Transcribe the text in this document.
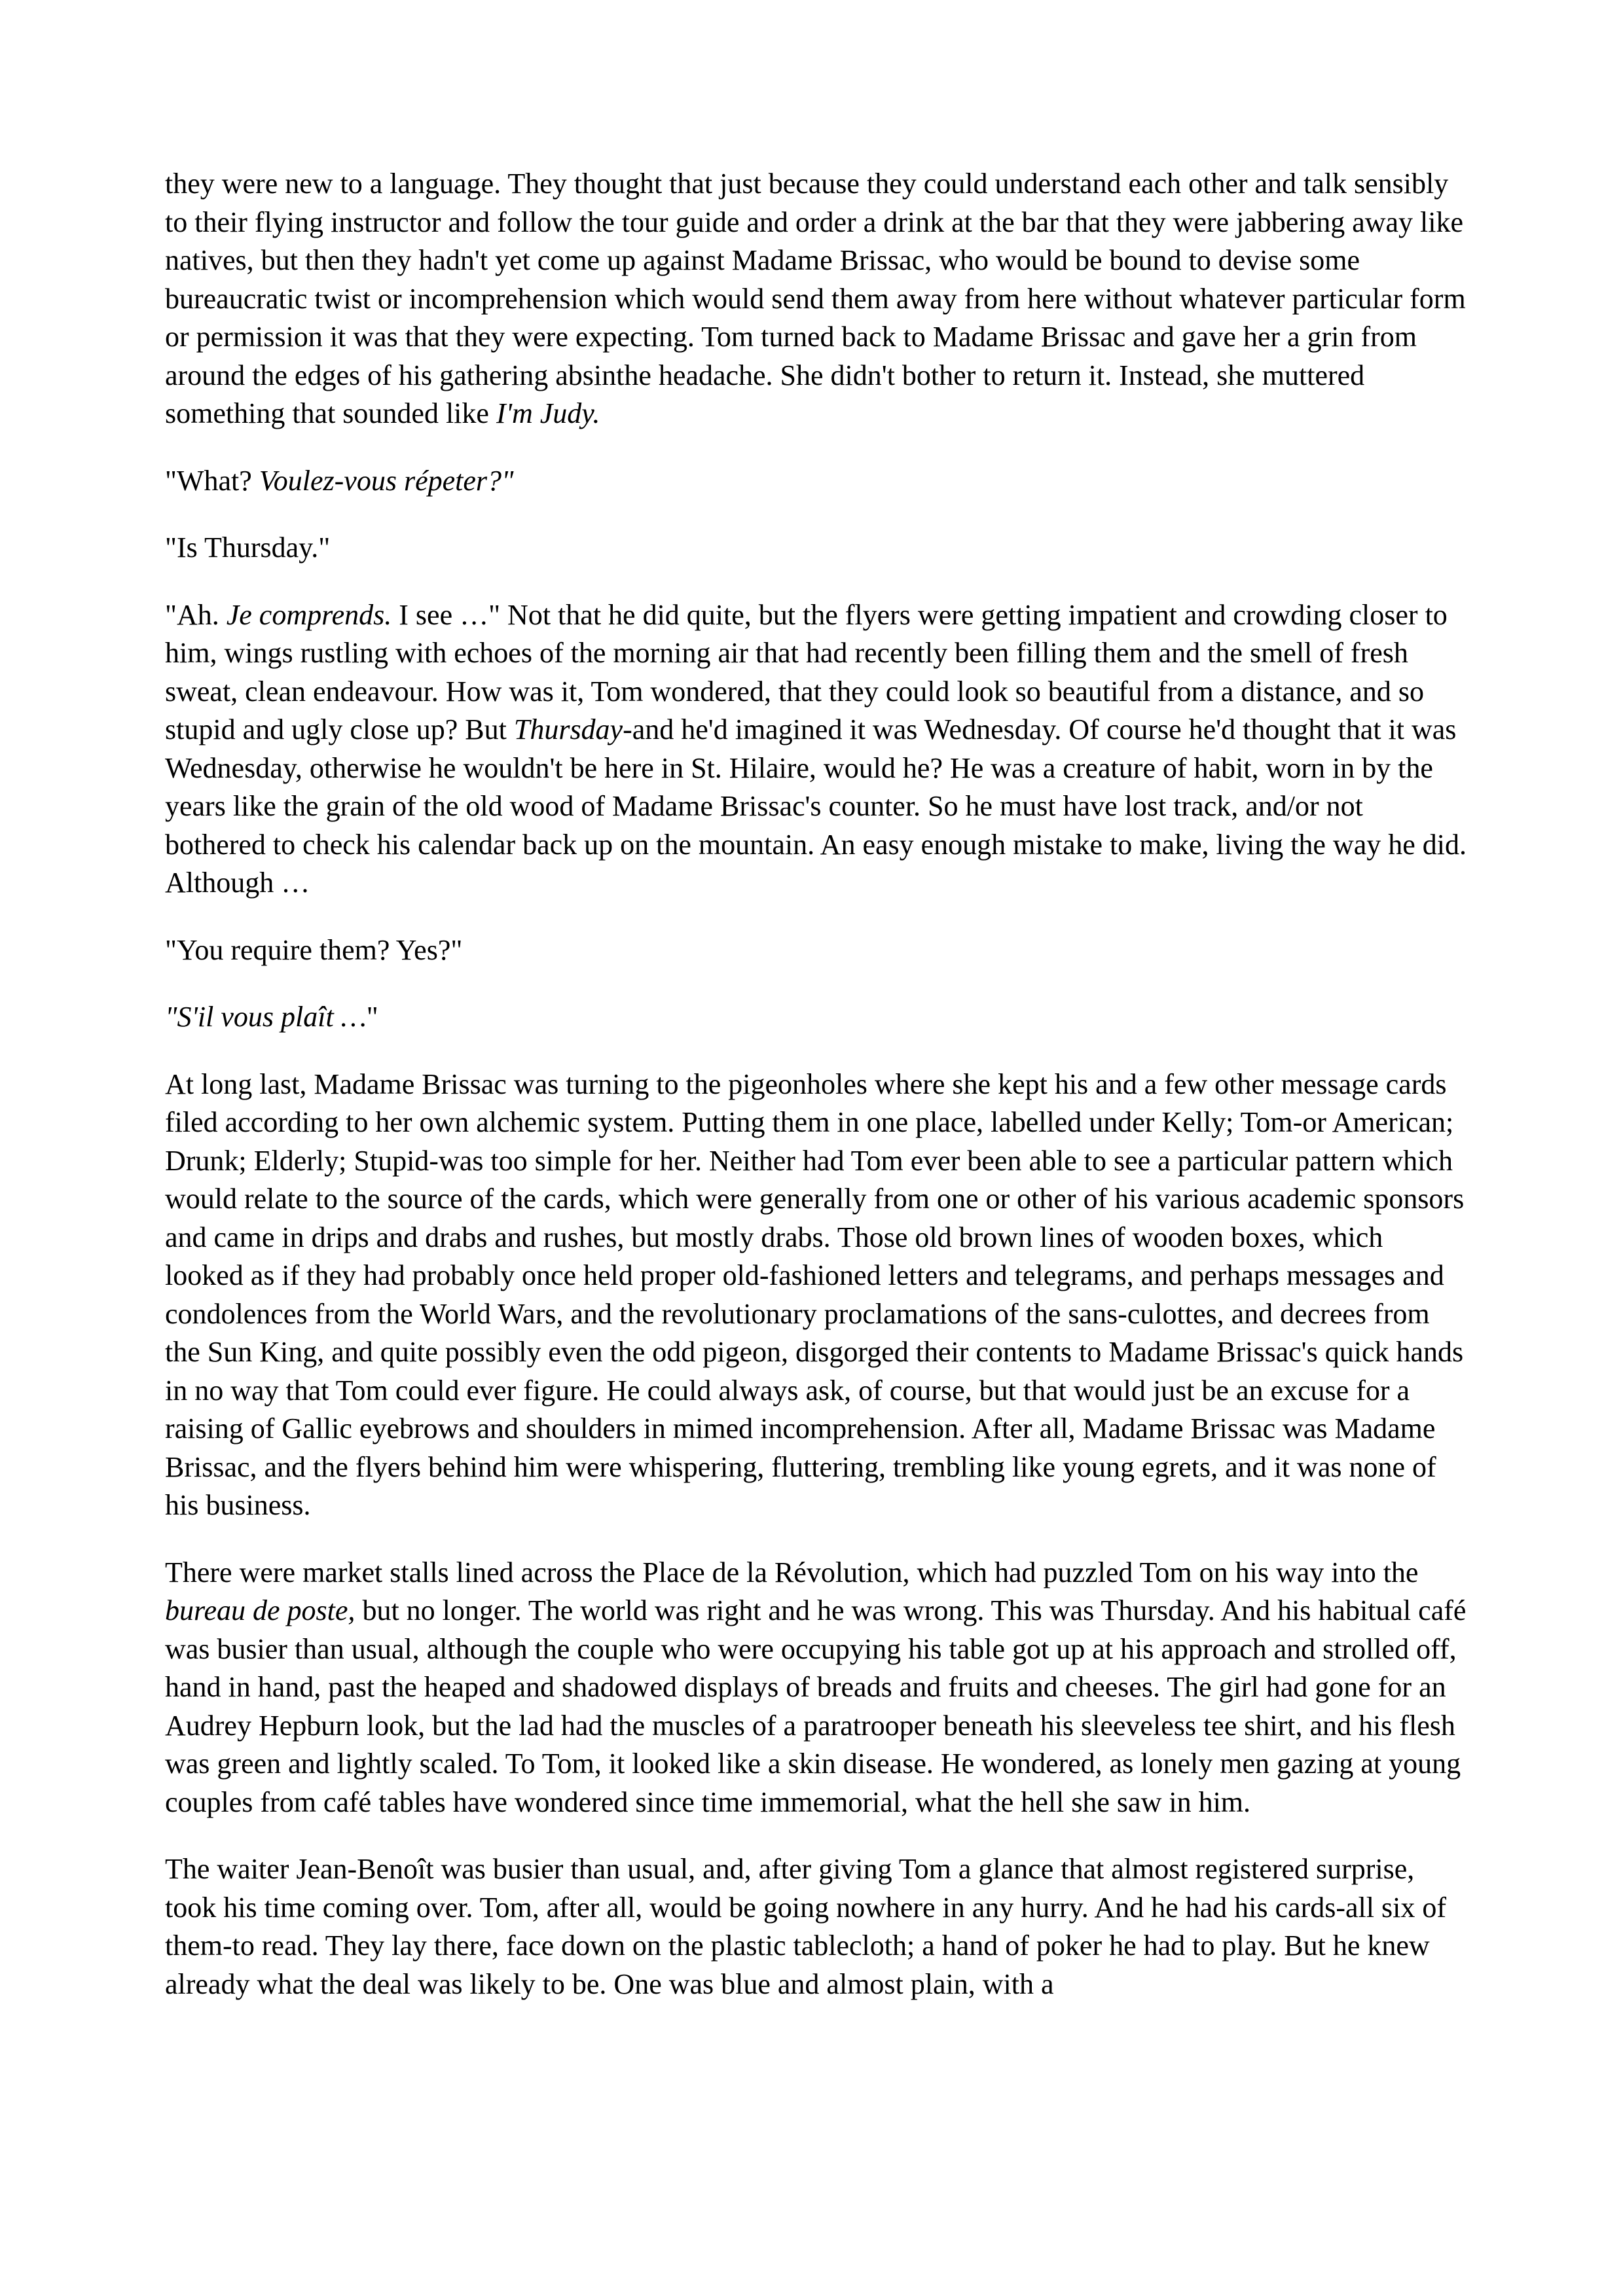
they were new to a language. They thought that just because they could understand each other and talk sensibly to their flying instructor and follow the tour guide and order a drink at the bar that they were jabbering away like natives, but then they hadn't yet come up against Madame Brissac, who would be bound to devise some bureaucratic twist or incomprehension which would send them away from here without whatever particular form or permission it was that they were expecting. Tom turned back to Madame Brissac and gave her a grin from around the edges of his gathering absinthe headache. She didn't bother to return it. Instead, she muttered something that sounded like I'm Judy.

"What? Voulez-vous répeter?"

"Is Thursday."

"Ah. Je comprends. I see …" Not that he did quite, but the flyers were getting impatient and crowding closer to him, wings rustling with echoes of the morning air that had recently been filling them and the smell of fresh sweat, clean endeavour. How was it, Tom wondered, that they could look so beautiful from a distance, and so stupid and ugly close up? But Thursday-and he'd imagined it was Wednesday. Of course he'd thought that it was Wednesday, otherwise he wouldn't be here in St. Hilaire, would he? He was a creature of habit, worn in by the years like the grain of the old wood of Madame Brissac's counter. So he must have lost track, and/or not bothered to check his calendar back up on the mountain. An easy enough mistake to make, living the way he did. Although …

"You require them? Yes?"

"S'il vous plaît …"

At long last, Madame Brissac was turning to the pigeonholes where she kept his and a few other message cards filed according to her own alchemic system. Putting them in one place, labelled under Kelly; Tom-or American; Drunk; Elderly; Stupid-was too simple for her. Neither had Tom ever been able to see a particular pattern which would relate to the source of the cards, which were generally from one or other of his various academic sponsors and came in drips and drabs and rushes, but mostly drabs. Those old brown lines of wooden boxes, which looked as if they had probably once held proper old-fashioned letters and telegrams, and perhaps messages and condolences from the World Wars, and the revolutionary proclamations of the sans-culottes, and decrees from the Sun King, and quite possibly even the odd pigeon, disgorged their contents to Madame Brissac's quick hands in no way that Tom could ever figure. He could always ask, of course, but that would just be an excuse for a raising of Gallic eyebrows and shoulders in mimed incomprehension. After all, Madame Brissac was Madame Brissac, and the flyers behind him were whispering, fluttering, trembling like young egrets, and it was none of his business.

There were market stalls lined across the Place de la Révolution, which had puzzled Tom on his way into the bureau de poste, but no longer. The world was right and he was wrong. This was Thursday. And his habitual café was busier than usual, although the couple who were occupying his table got up at his approach and strolled off, hand in hand, past the heaped and shadowed displays of breads and fruits and cheeses. The girl had gone for an Audrey Hepburn look, but the lad had the muscles of a paratrooper beneath his sleeveless tee shirt, and his flesh was green and lightly scaled. To Tom, it looked like a skin disease. He wondered, as lonely men gazing at young couples from café tables have wondered since time immemorial, what the hell she saw in him.

The waiter Jean-Benoît was busier than usual, and, after giving Tom a glance that almost registered surprise, took his time coming over. Tom, after all, would be going nowhere in any hurry. And he had his cards-all six of them-to read. They lay there, face down on the plastic tablecloth; a hand of poker he had to play. But he knew already what the deal was likely to be. One was blue and almost plain, with a
